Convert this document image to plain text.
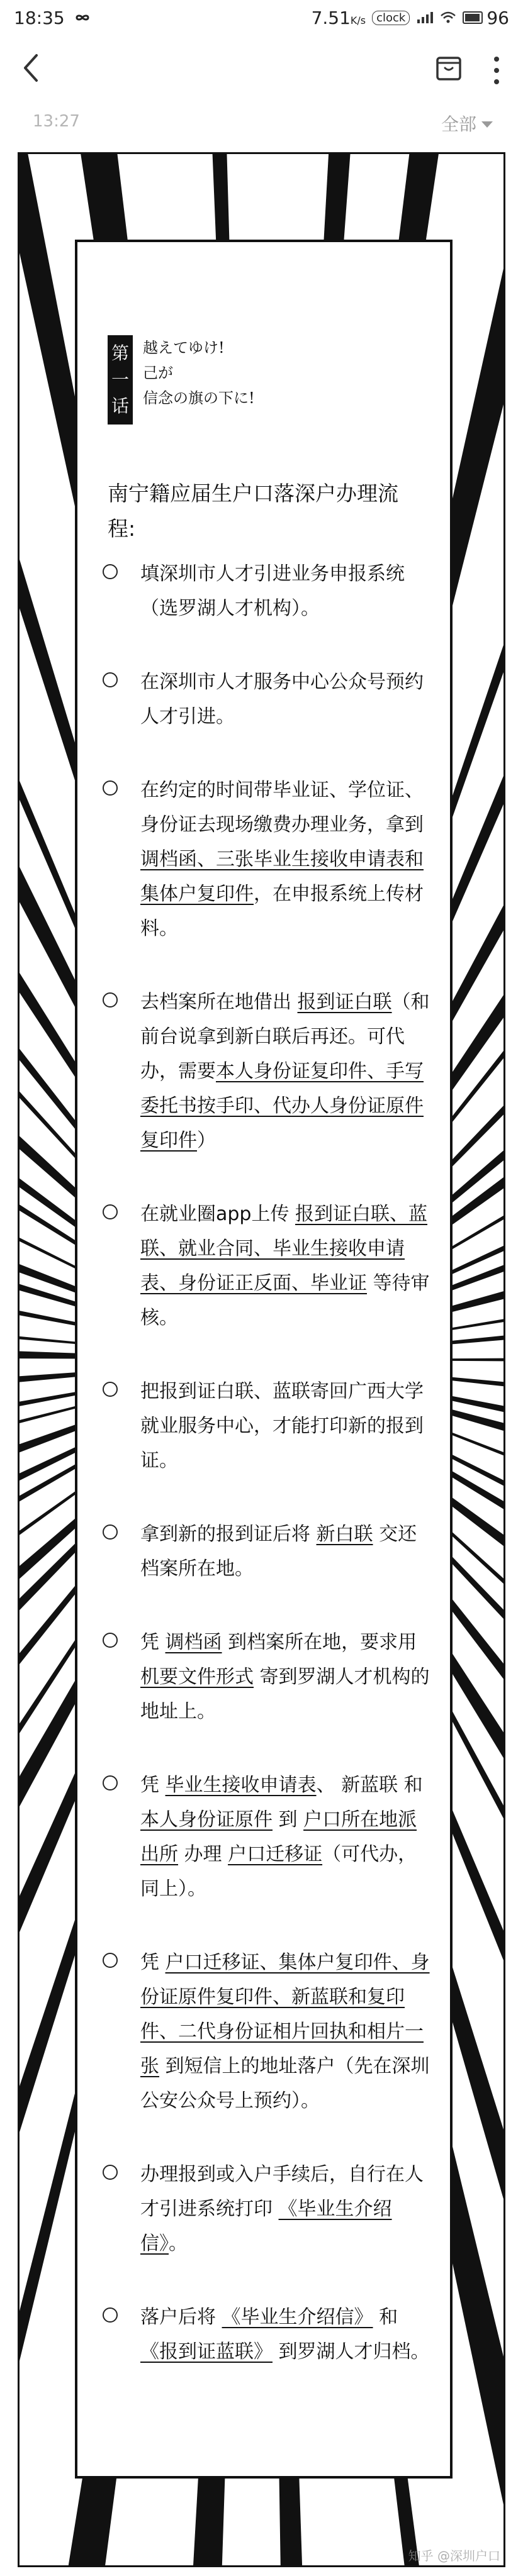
18:35	7.51K/s clock	96
13:27	全部
第
一
话
越えてゆけ!
己が
信念の旗の下に!
南宁籍应届生户口落深户办理流程:
填深圳市人才引进业务申报系统（选罗湖人才机构）。
在深圳市人才服务中心公众号预约人才引进。
在约定的时间带毕业证、学位证、身份证去现场缴费办理业务，拿到 调档函、三张毕业生接收申请表和集体户复印件，在申报系统上传材料。
去档案所在地借出 报到证白联（和前台说拿到新白联后再还。可代办，需要本人身份证复印件、手写委托书按手印、代办人身份证原件复印件）
在就业圈app上传 报到证白联、蓝联、就业合同、毕业生接收申请表、身份证正反面、毕业证 等待审核。
把报到证白联、蓝联寄回广西大学就业服务中心，才能打印新的报到证。
拿到新的报到证后将 新白联 交还档案所在地。
凭 调档函 到档案所在地，要求用 机要文件形式 寄到罗湖人才机构的地址上。
凭 毕业生接收申请表、 新蓝联 和 本人身份证原件 到 户口所在地派出所 办理 户口迁移证（可代办，同上）。
凭 户口迁移证、集体户复印件、身份证原件复印件、新蓝联和复印件、二代身份证相片回执和相片一张 到短信上的地址落户（先在深圳公安公众号上预约）。
办理报到或入户手续后，自行在人才引进系统打印 《毕业生介绍信》。
落户后将 《毕业生介绍信》 和 《报到证蓝联》 到罗湖人才归档。
知乎 @深圳户口
